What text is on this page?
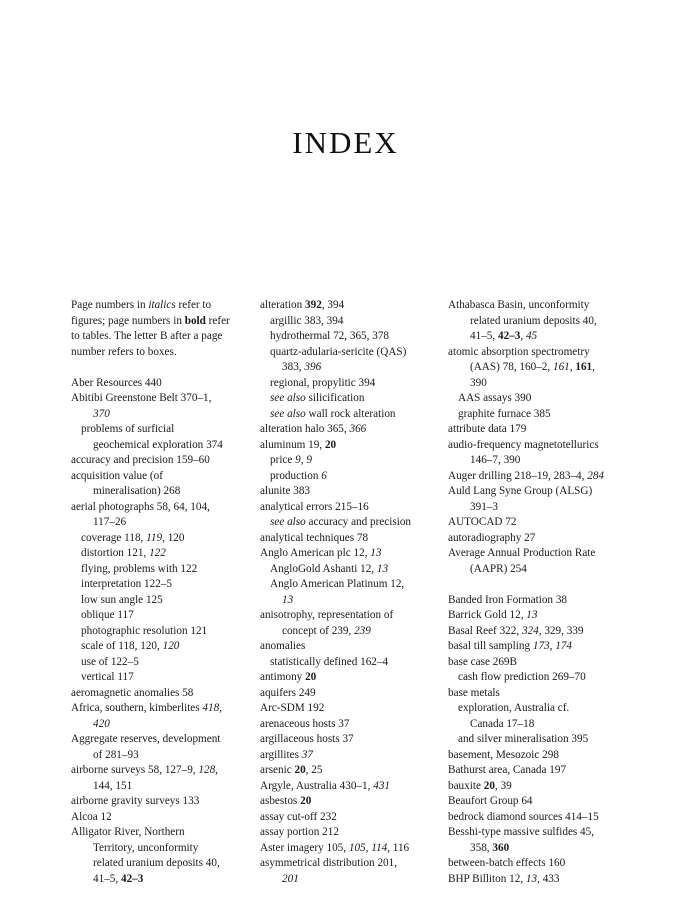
INDEX
Page numbers in italics refer to
figures; page numbers in bold refer
to tables. The letter B after a page
number refers to boxes.
Aber Resources 440
Abitibi Greenstone Belt 370–1,
370
problems of surficial
geochemical exploration 374
accuracy and precision 159–60
acquisition value (of
mineralisation) 268
aerial photographs 58, 64, 104,
117–26
coverage 118, 119, 120
distortion 121, 122
flying, problems with 122
interpretation 122–5
low sun angle 125
oblique 117
photographic resolution 121
scale of 118, 120, 120
use of 122–5
vertical 117
aeromagnetic anomalies 58
Africa, southern, kimberlites 418,
420
Aggregate reserves, development
of 281–93
airborne surveys 58, 127–9, 128,
144, 151
airborne gravity surveys 133
Alcoa 12
Alligator River, Northern
Territory, unconformity
related uranium deposits 40,
41–5, 42–3
alteration 392, 394
argillic 383, 394
hydrothermal 72, 365, 378
quartz-adularia-sericite (QAS)
383, 396
regional, propylitic 394
see also silicification
see also wall rock alteration
alteration halo 365, 366
aluminum 19, 20
price 9, 9
production 6
alunite 383
analytical errors 215–16
see also accuracy and precision
analytical techniques 78
Anglo American plc 12, 13
AngloGold Ashanti 12, 13
Anglo American Platinum 12,
13
anisotrophy, representation of
concept of 239, 239
anomalies
statistically defined 162–4
antimony 20
aquifers 249
Arc-SDM 192
arenaceous hosts 37
argillaceous hosts 37
argillites 37
arsenic 20, 25
Argyle, Australia 430–1, 431
asbestos 20
assay cut-off 232
assay portion 212
Aster imagery 105, 105, 114, 116
asymmetrical distribution 201,
201
Athabasca Basin, unconformity
related uranium deposits 40,
41–5, 42–3, 45
atomic absorption spectrometry
(AAS) 78, 160–2, 161, 161,
390
AAS assays 390
graphite furnace 385
attribute data 179
audio-frequency magnetotellurics
146–7, 390
Auger drilling 218–19, 283–4, 284
Auld Lang Syne Group (ALSG)
391–3
AUTOCAD 72
autoradiography 27
Average Annual Production Rate
(AAPR) 254
Banded Iron Formation 38
Barrick Gold 12, 13
Basal Reef 322, 324, 329, 339
basal till sampling 173, 174
base case 269B
cash flow prediction 269–70
base metals
exploration, Australia cf.
Canada 17–18
and silver mineralisation 395
basement, Mesozoic 298
Bathurst area, Canada 197
bauxite 20, 39
Beaufort Group 64
bedrock diamond sources 414–15
Besshi-type massive sulfides 45,
358, 360
between-batch effects 160
BHP Billiton 12, 13, 433
